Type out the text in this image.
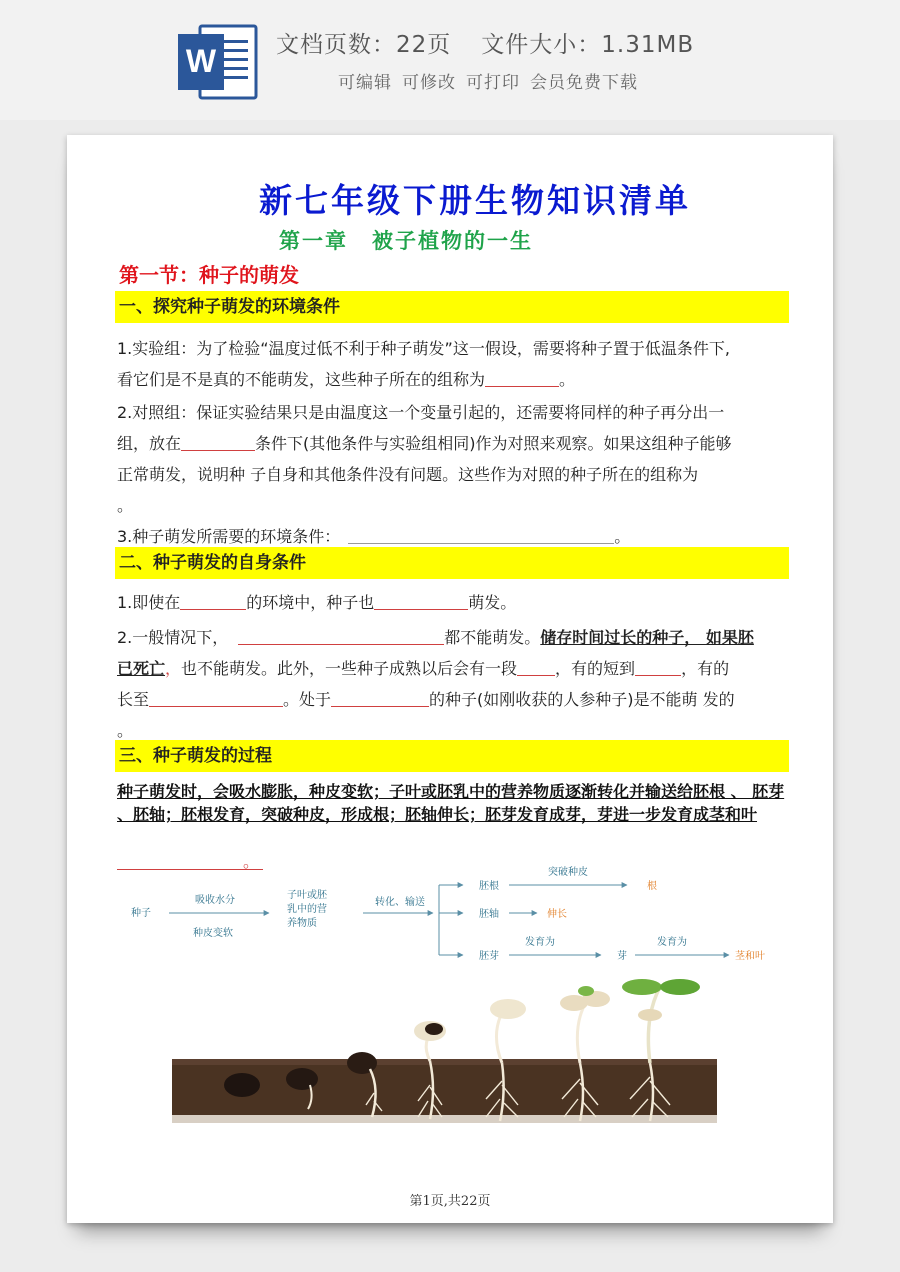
W	文档页数：22页 文件大小：1.31MB
可编辑 可修改 可打印 会员免费下载
新七年级下册生物知识清单
第一章 被子植物的一生
第一节：种子的萌发
一、探究种子萌发的环境条件
1.实验组：为了检验“温度过低不利于种子萌发”这一假设，需要将种子置于低温条件下,
看它们是不是真的不能萌发，这些种子所在的组称为	。
2.对照组：保证实验结果只是由温度这一个变量引起的，还需要将同样的种子再分出一
组，放在	条件下(其他条件与实验组相同)作为对照来观察。如果这组种子能够
正常萌发，说明种 子自身和其他条件没有问题。这些作为对照的种子所在的组称为
。
3.种子萌发所需要的环境条件：	。
二、种子萌发的自身条件
1.即使在	的环境中，种子也	萌发。
2.一般情况下，	都不能萌发。储存时间过长的种子， 如果胚
已死亡，也不能萌发。此外，一些种子成熟以后会有一段 ，有的短到	，有的
长至	。处于	的种子(如刚收获的人参种子)是不能萌 发的
。
三、种子萌发的过程
种子萌发时，会吸水膨胀，种皮变软；子叶或胚乳中的营养物质逐渐转化并输送给胚根 、 胚芽 、胚轴；胚根发育，突破种皮，形成根；胚轴伸长；胚芽发育成芽，芽进一步发育成茎和叶
。
种子
吸收水分
种皮变软
子叶或胚
乳中的营
养物质
转化、输送
胚根
突破种皮
根
胚轴	伸长
胚芽
发育为
芽
发育为
茎和叶
第1页,共22页
